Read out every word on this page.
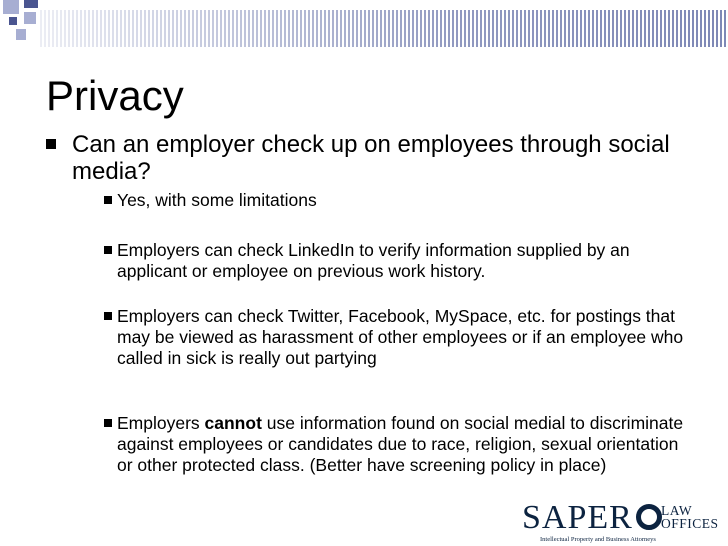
Privacy
Can an employer check up on employees through social media?
Yes, with some limitations
Employers can check LinkedIn to verify information supplied by an applicant or employee on previous work history.
Employers can check Twitter, Facebook, MySpace, etc. for postings that may be viewed as harassment of other employees or if an employee who called in sick is really out partying
Employers cannot use information found on social medial to discriminate against employees or candidates due to race, religion, sexual orientation or other protected class. (Better have screening policy in place)
SAPER LAW
OFFICES
Intellectual Property and Business Attorneys
